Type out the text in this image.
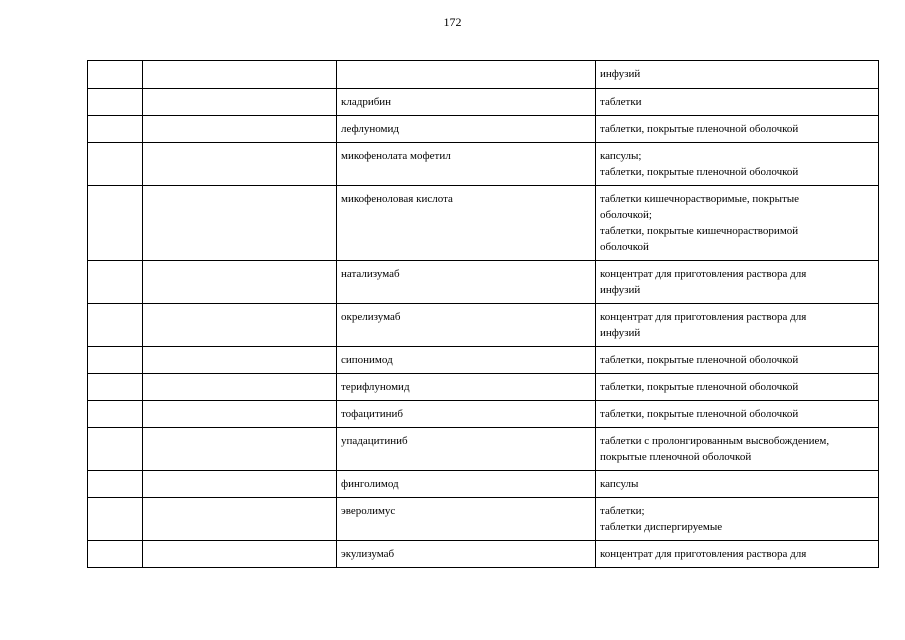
172

			инфузий

		кладрибин	таблетки

		лефлуномид	таблетки, покрытые пленочной оболочкой

		микофенолата мофетил	капсулы;
таблетки, покрытые пленочной оболочкой

		микофеноловая кислота	таблетки кишечнорастворимые, покрытые
оболочкой;
таблетки, покрытые кишечнорастворимой
оболочкой

		натализумаб	концентрат для приготовления раствора для
инфузий

		окрелизумаб	концентрат для приготовления раствора для
инфузий

		сипонимод	таблетки, покрытые пленочной оболочкой

		терифлуномид	таблетки, покрытые пленочной оболочкой

		тофацитиниб	таблетки, покрытые пленочной оболочкой

		упадацитиниб	таблетки с пролонгированным высвобождением,
покрытые пленочной оболочкой

		финголимод	капсулы

		эверолимус	таблетки;
таблетки диспергируемые

		экулизумаб	концентрат для приготовления раствора для
